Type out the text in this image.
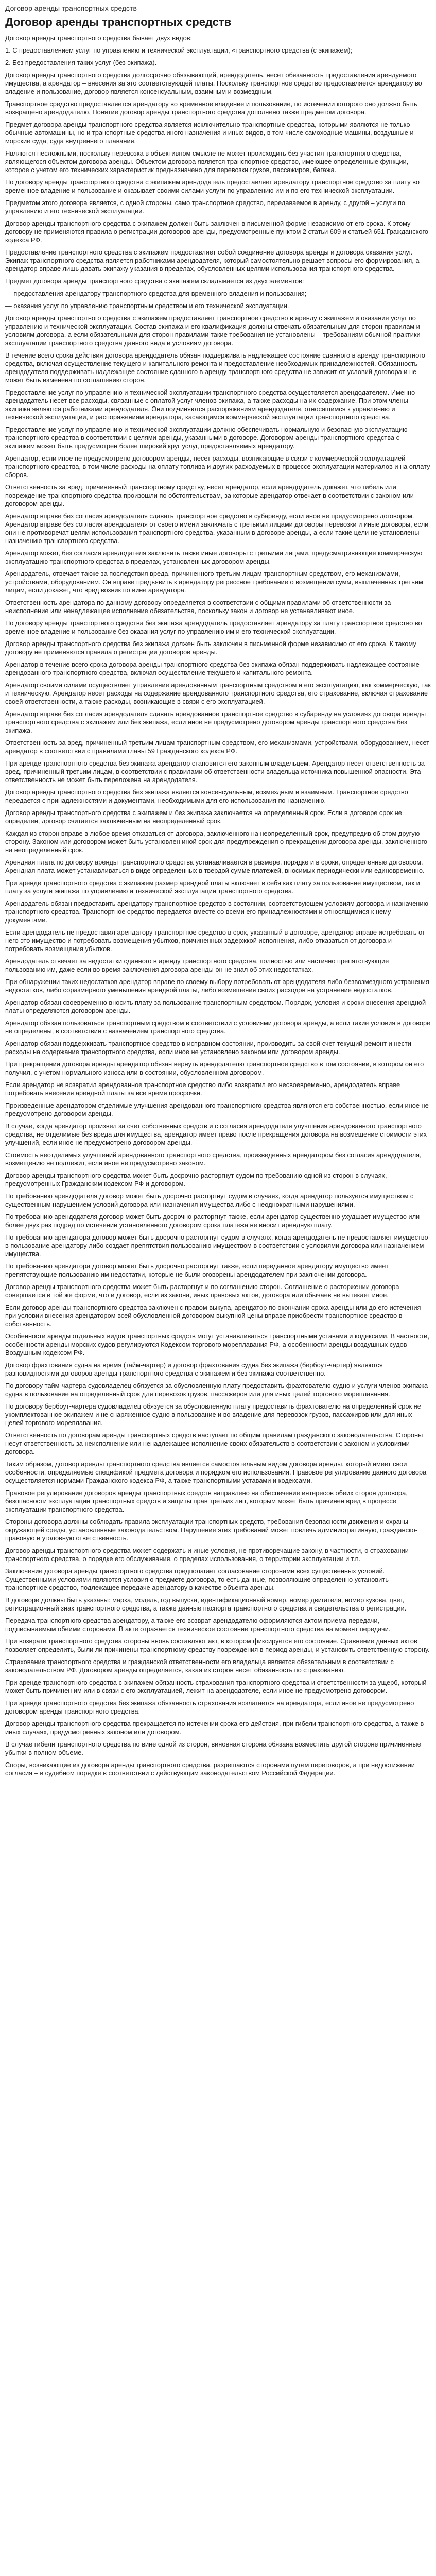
Договор аренды транспортных средств
Договор аренды транспортных средств

Договор аренды транспортного средства бывает двух видов:

1. С предоставлением услуг по управлению и технической эксплуатации, «транспортного средства (с экипажем);

2. Без предоставления таких услуг (без экипажа).

Договор аренды транспортного средства долгосрочно обязывающий, арендодатель, несет обязанность предоставления арендуемого имущества, а арендатор – внесения за это соответствующей платы. Поскольку транспортное средство предоставляется арендатору во владение и пользование, договор является консенсуальным, взаимным и возмездным.

Транспортное средство предоставляется арендатору во временное владение и пользование, по истечении которого оно должно быть возвращено арендодателю. Понятие договор аренды транспортного средства дополнено также предметом договора.

Предмет договора аренды транспортного средства является исключительно транспортные средства, которыми являются не только обычные автомашины, но и транспортные средства иного назначения и иных видов, в том числе самоходные машины, воздушные и морские суда, суда внутреннего плавания.

Являются несложными, поскольку перевозка в объективном смысле не может происходить без участия транспортного средства, являющегося объектом договора аренды. Объектом договора является транспортное средство, имеющее определенные функции, которое с учетом его технических характеристик предназначено для перевозки грузов, пассажиров, багажа.

По договору аренды транспортного средства с экипажем арендодатель предоставляет арендатору транспортное средство за плату во временное владение и пользование и оказывает своими силами услуги по управлению им и по его технической эксплуатации.

Предметом этого договора является, с одной стороны, само транспортное средство, передаваемое в аренду, с другой – услуги по управлению и его технической эксплуатации.

Договор аренды транспортного средства с экипажем должен быть заключен в письменной форме независимо от его срока. К этому договору не применяются правила о регистрации договоров аренды, предусмотренные пунктом 2 статьи 609 и статьей 651 Гражданского кодекса РФ.

Предоставление транспортного средства с экипажем предоставляет собой соединение договора аренды и договора оказания услуг. Экипаж транспортного средства является работниками арендодателя, который самостоятельно решает вопросы его формирования, а арендатор вправе лишь давать экипажу указания в пределах, обусловленных целями использования транспортного средства.

Предмет договора аренды транспортного средства с экипажем складывается из двух элементов:

— предоставления арендатору транспортного средства для временного владения и пользования;

— оказания услуг по управлению транспортным средством и его технической эксплуатации.

Договор аренды транспортного средства с экипажем предоставляет транспортное средство в аренду с экипажем и оказание услуг по управлению и технической эксплуатации. Состав экипажа и его квалификация должны отвечать обязательным для сторон правилам и условиям договора, а если обязательными для сторон правилами такие требования не установлены – требованиям обычной практики эксплуатации транспортного средства данного вида и условиям договора.

В течение всего срока действия договора арендодатель обязан поддерживать надлежащее состояние сданного в аренду транспортного средства, включая осуществление текущего и капитального ремонта и предоставление необходимых принадлежностей. Обязанность арендодателя поддерживать надлежащее состояние сданного в аренду транспортного средства не зависит от условий договора и не может быть изменена по соглашению сторон.

Предоставление услуг по управлению и технической эксплуатации транспортного средства осуществляется арендодателем. Именно арендодатель несет все расходы, связанные с оплатой услуг членов экипажа, а также расходы на их содержание. При этом члены экипажа являются работниками арендодателя. Они подчиняются распоряжениям арендодателя, относящимся к управлению и технической эксплуатации, и распоряжениям арендатора, касающимся коммерческой эксплуатации транспортного средства.

Предоставление услуг по управлению и технической эксплуатации должно обеспечивать нормальную и безопасную эксплуатацию транспортного средства в соответствии с целями аренды, указанными в договоре. Договором аренды транспортного средства с экипажем может быть предусмотрен более широкий круг услуг, предоставляемых арендатору.

Арендатор, если иное не предусмотрено договором аренды, несет расходы, возникающие в связи с коммерческой эксплуатацией транспортного средства, в том числе расходы на оплату топлива и других расходуемых в процессе эксплуатации материалов и на оплату сборов.

Ответственность за вред, причиненный транспортному средству, несет арендатор, если арендодатель докажет, что гибель или повреждение транспортного средства произошли по обстоятельствам, за которые арендатор отвечает в соответствии с законом или договором аренды.

Арендатор вправе без согласия арендодателя сдавать транспортное средство в субаренду, если иное не предусмотрено договором. Арендатор вправе без согласия арендодателя от своего имени заключать с третьими лицами договоры перевозки и иные договоры, если они не противоречат целям использования транспортного средства, указанным в договоре аренды, а если такие цели не установлены – назначению транспортного средства.

Арендатор может, без согласия арендодателя заключить также иные договоры с третьими лицами, предусматривающие коммерческую эксплуатацию транспортного средства в пределах, установленных договором аренды.

Арендодатель, отвечает также за последствия вреда, причиненного третьим лицам транспортным средством, его механизмами, устройствами, оборудованием. Он вправе предъявить к арендатору регрессное требование о возмещении сумм, выплаченных третьим лицам, если докажет, что вред возник по вине арендатора.

Ответственность арендатора по данному договору определяется в соответствии с общими правилами об ответственности за неисполнение или ненадлежащее исполнение обязательства, поскольку закон и договор не устанавливают иное.

По договору аренды транспортного средства без экипажа арендодатель предоставляет арендатору за плату транспортное средство во временное владение и пользование без оказания услуг по управлению им и его технической эксплуатации.

Договор аренды транспортного средства без экипажа должен быть заключен в письменной форме независимо от его срока. К такому договору не применяются правила о регистрации договоров аренды.

Арендатор в течение всего срока договора аренды транспортного средства без экипажа обязан поддерживать надлежащее состояние арендованного транспортного средства, включая осуществление текущего и капитального ремонта.

Арендатор своими силами осуществляет управление арендованным транспортным средством и его эксплуатацию, как коммерческую, так и техническую. Арендатор несет расходы на содержание арендованного транспортного средства, его страхование, включая страхование своей ответственности, а также расходы, возникающие в связи с его эксплуатацией.

Арендатор вправе без согласия арендодателя сдавать арендованное транспортное средство в субаренду на условиях договора аренды транспортного средства с экипажем или без экипажа, если иное не предусмотрено договором аренды транспортного средства без экипажа.

Ответственность за вред, причиненный третьим лицам транспортным средством, его механизмами, устройствами, оборудованием, несет арендатор в соответствии с правилами главы 59 Гражданского кодекса РФ.

При аренде транспортного средства без экипажа арендатор становится его законным владельцем. Арендатор несет ответственность за вред, причиненный третьим лицам, в соответствии с правилами об ответственности владельца источника повышенной опасности. Эта ответственность не может быть переложена на арендодателя.

Договор аренды транспортного средства без экипажа является консенсуальным, возмездным и взаимным. Транспортное средство передается с принадлежностями и документами, необходимыми для его использования по назначению.

Договор аренды транспортного средства с экипажем и без экипажа заключается на определенный срок. Если в договоре срок не определен, договор считается заключенным на неопределенный срок.

Каждая из сторон вправе в любое время отказаться от договора, заключенного на неопределенный срок, предупредив об этом другую сторону. Законом или договором может быть установлен иной срок для предупреждения о прекращении договора аренды, заключенного на неопределенный срок.

Арендная плата по договору аренды транспортного средства устанавливается в размере, порядке и в сроки, определенные договором. Арендная плата может устанавливаться в виде определенных в твердой сумме платежей, вносимых периодически или единовременно.

При аренде транспортного средства с экипажем размер арендной платы включает в себя как плату за пользование имуществом, так и плату за услуги экипажа по управлению и технической эксплуатации транспортного средства.

Арендодатель обязан предоставить арендатору транспортное средство в состоянии, соответствующем условиям договора и назначению транспортного средства. Транспортное средство передается вместе со всеми его принадлежностями и относящимися к нему документами.

Если арендодатель не предоставил арендатору транспортное средство в срок, указанный в договоре, арендатор вправе истребовать от него это имущество и потребовать возмещения убытков, причиненных задержкой исполнения, либо отказаться от договора и потребовать возмещения убытков.

Арендодатель отвечает за недостатки сданного в аренду транспортного средства, полностью или частично препятствующие пользованию им, даже если во время заключения договора аренды он не знал об этих недостатках.

При обнаружении таких недостатков арендатор вправе по своему выбору потребовать от арендодателя либо безвозмездного устранения недостатков, либо соразмерного уменьшения арендной платы, либо возмещения своих расходов на устранение недостатков.

Арендатор обязан своевременно вносить плату за пользование транспортным средством. Порядок, условия и сроки внесения арендной платы определяются договором аренды.

Арендатор обязан пользоваться транспортным средством в соответствии с условиями договора аренды, а если такие условия в договоре не определены, в соответствии с назначением транспортного средства.

Арендатор обязан поддерживать транспортное средство в исправном состоянии, производить за свой счет текущий ремонт и нести расходы на содержание транспортного средства, если иное не установлено законом или договором аренды.

При прекращении договора аренды арендатор обязан вернуть арендодателю транспортное средство в том состоянии, в котором он его получил, с учетом нормального износа или в состоянии, обусловленном договором.

Если арендатор не возвратил арендованное транспортное средство либо возвратил его несвоевременно, арендодатель вправе потребовать внесения арендной платы за все время просрочки.

Произведенные арендатором отделимые улучшения арендованного транспортного средства являются его собственностью, если иное не предусмотрено договором аренды.

В случае, когда арендатор произвел за счет собственных средств и с согласия арендодателя улучшения арендованного транспортного средства, не отделимые без вреда для имущества, арендатор имеет право после прекращения договора на возмещение стоимости этих улучшений, если иное не предусмотрено договором аренды.

Стоимость неотделимых улучшений арендованного транспортного средства, произведенных арендатором без согласия арендодателя, возмещению не подлежит, если иное не предусмотрено законом.

Договор аренды транспортного средства может быть досрочно расторгнут судом по требованию одной из сторон в случаях, предусмотренных Гражданским кодексом РФ и договором.

По требованию арендодателя договор может быть досрочно расторгнут судом в случаях, когда арендатор пользуется имуществом с существенным нарушением условий договора или назначения имущества либо с неоднократными нарушениями.

По требованию арендодателя договор может быть досрочно расторгнут также, если арендатор существенно ухудшает имущество или более двух раз подряд по истечении установленного договором срока платежа не вносит арендную плату.

По требованию арендатора договор может быть досрочно расторгнут судом в случаях, когда арендодатель не предоставляет имущество в пользование арендатору либо создает препятствия пользованию имуществом в соответствии с условиями договора или назначением имущества.

По требованию арендатора договор может быть досрочно расторгнут также, если переданное арендатору имущество имеет препятствующие пользованию им недостатки, которые не были оговорены арендодателем при заключении договора.

Договор аренды транспортного средства может быть расторгнут и по соглашению сторон. Соглашение о расторжении договора совершается в той же форме, что и договор, если из закона, иных правовых актов, договора или обычаев не вытекает иное.

Если договор аренды транспортного средства заключен с правом выкупа, арендатор по окончании срока аренды или до его истечения при условии внесения арендатором всей обусловленной договором выкупной цены вправе приобрести транспортное средство в собственность.

Особенности аренды отдельных видов транспортных средств могут устанавливаться транспортными уставами и кодексами. В частности, особенности аренды морских судов регулируются Кодексом торгового мореплавания РФ, а особенности аренды воздушных судов – Воздушным кодексом РФ.

Договор фрахтования судна на время (тайм-чартер) и договор фрахтования судна без экипажа (бербоут-чартер) являются разновидностями договоров аренды транспортного средства с экипажем и без экипажа соответственно.

По договору тайм-чартера судовладелец обязуется за обусловленную плату предоставить фрахтователю судно и услуги членов экипажа судна в пользование на определенный срок для перевозок грузов, пассажиров или для иных целей торгового мореплавания.

По договору бербоут-чартера судовладелец обязуется за обусловленную плату предоставить фрахтователю на определенный срок не укомплектованное экипажем и не снаряженное судно в пользование и во владение для перевозок грузов, пассажиров или для иных целей торгового мореплавания.

Ответственность по договорам аренды транспортных средств наступает по общим правилам гражданского законодательства. Стороны несут ответственность за неисполнение или ненадлежащее исполнение своих обязательств в соответствии с законом и условиями договора.

Таким образом, договор аренды транспортного средства является самостоятельным видом договора аренды, который имеет свои особенности, определяемые спецификой предмета договора и порядком его использования. Правовое регулирование данного договора осуществляется нормами Гражданского кодекса РФ, а также транспортными уставами и кодексами.

Правовое регулирование договоров аренды транспортных средств направлено на обеспечение интересов обеих сторон договора, безопасности эксплуатации транспортных средств и защиты прав третьих лиц, которым может быть причинен вред в процессе эксплуатации транспортного средства.

Стороны договора должны соблюдать правила эксплуатации транспортных средств, требования безопасности движения и охраны окружающей среды, установленные законодательством. Нарушение этих требований может повлечь административную, гражданско-правовую и уголовную ответственность.

Договор аренды транспортного средства может содержать и иные условия, не противоречащие закону, в частности, о страховании транспортного средства, о порядке его обслуживания, о пределах использования, о территории эксплуатации и т.п.

Заключение договора аренды транспортного средства предполагает согласование сторонами всех существенных условий. Существенными условиями являются условия о предмете договора, то есть данные, позволяющие определенно установить транспортное средство, подлежащее передаче арендатору в качестве объекта аренды.

В договоре должны быть указаны: марка, модель, год выпуска, идентификационный номер, номер двигателя, номер кузова, цвет, регистрационный знак транспортного средства, а также данные паспорта транспортного средства и свидетельства о регистрации.

Передача транспортного средства арендатору, а также его возврат арендодателю оформляются актом приема-передачи, подписываемым обеими сторонами. В акте отражается техническое состояние транспортного средства на момент передачи.

При возврате транспортного средства стороны вновь составляют акт, в котором фиксируется его состояние. Сравнение данных актов позволяет определить, были ли причинены транспортному средству повреждения в период аренды, и установить ответственную сторону.

Страхование транспортного средства и гражданской ответственности его владельца является обязательным в соответствии с законодательством РФ. Договором аренды определяется, какая из сторон несет обязанность по страхованию.

При аренде транспортного средства с экипажем обязанность страхования транспортного средства и ответственности за ущерб, который может быть причинен им или в связи с его эксплуатацией, лежит на арендодателе, если иное не предусмотрено договором.

При аренде транспортного средства без экипажа обязанность страхования возлагается на арендатора, если иное не предусмотрено договором аренды транспортного средства.

Договор аренды транспортного средства прекращается по истечении срока его действия, при гибели транспортного средства, а также в иных случаях, предусмотренных законом или договором.

В случае гибели транспортного средства по вине одной из сторон, виновная сторона обязана возместить другой стороне причиненные убытки в полном объеме.

Споры, возникающие из договора аренды транспортного средства, разрешаются сторонами путем переговоров, а при недостижении согласия – в судебном порядке в соответствии с действующим законодательством Российской Федерации.
